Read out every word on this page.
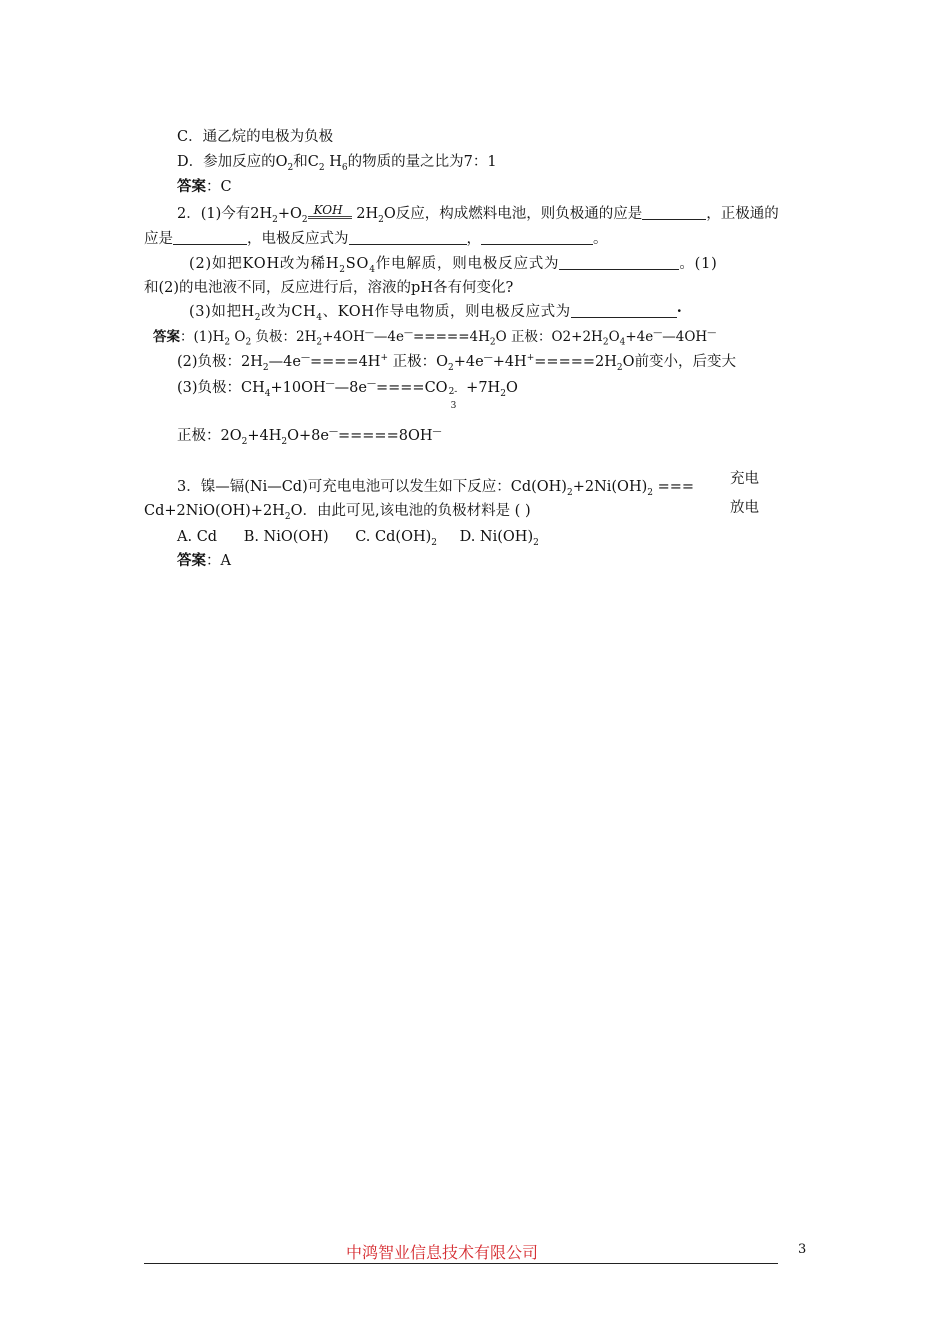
C．通乙烷的电极为负极
D．参加反应的$O_2$和$C_2$ $H_6$的物质的量之比为7：1
答案：C
2．(1)今有$2H_2+O_2$
KOH $2H_2O$反应，构成燃料电池，则负极通的应是	，正极通的
应是	，电极反应式为	，	。
(2)如把KOH改为稀$H_2SO_4$作电解质，则电极反应式为	。(1)
和(2)的电池液不同，反应进行后，溶液的pH各有何变化?
(3)如把$H_2$改为$CH_4$、KOH作导电物质，则电极反应式为	·
答案：$(1)H_2$ $O_2$ 负极：$2H_2+4OH^——4e^—=====4H_2O$ 正极：$O2+2H_2O_4+4e^——4OH^—$
(2)负极：$2H_2—4e^—====4H^+$ 正极：$O_2+4e^—+4H^+=====2H_2O$前变小，后变大
(3)负极：$CH_4+10OH^——8e^—====CO$ 2-
3
$+7H_2O$
正极：$2O_2+4H_2O+8e^—=====8OH^—$
3．镍—镉(Ni—Cd)可充电电池可以发生如下反应：$Cd(OH)_2+2Ni(OH)_2$ === 充电
放电
$Cd+2NiO(OH)+2H_2O$．由此可见,该电池的负极材料是 ( )
A. Cd B. NiO(OH) C. $Cd(OH)_2$ D. $Ni(OH)_2$
答案：A
中鸿智业信息技术有限公司	3
